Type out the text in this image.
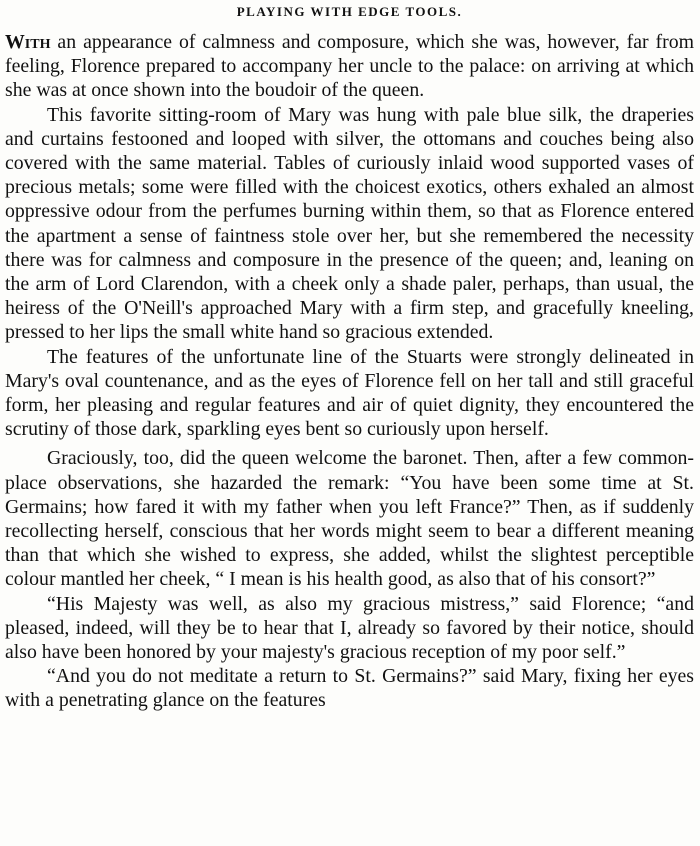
PLAYING WITH EDGE TOOLS.

With an appearance of calmness and composure, which she was, however, far from feeling, Florence prepared to accompany her uncle to the palace: on arriving at which she was at once shown into the boudoir of the queen.

This favorite sitting-room of Mary was hung with pale blue silk, the draperies and curtains festooned and looped with silver, the ottomans and couches being also covered with the same material. Tables of curiously inlaid wood supported vases of precious metals; some were filled with the choicest exotics, others exhaled an almost oppressive odour from the perfumes burning within them, so that as Florence entered the apartment a sense of faintness stole over her, but she remembered the necessity there was for calmness and composure in the presence of the queen; and, leaning on the arm of Lord Clarendon, with a cheek only a shade paler, perhaps, than usual, the heiress of the O'Neill's approached Mary with a firm step, and gracefully kneeling, pressed to her lips the small white hand so gracious extended.

The features of the unfortunate line of the Stuarts were strongly delineated in Mary's oval countenance, and as the eyes of Florence fell on her tall and still graceful form, her pleasing and regular features and air of quiet dignity, they encountered the scrutiny of those dark, sparkling eyes bent so curiously upon herself.

Graciously, too, did the queen welcome the baronet. Then, after a few common-place observations, she hazarded the remark: “You have been some time at St. Germains; how fared it with my father when you left France?” Then, as if suddenly recollecting herself, conscious that her words might seem to bear a different meaning than that which she wished to express, she added, whilst the slightest perceptible colour mantled her cheek, “ I mean is his health good, as also that of his consort?”

“His Majesty was well, as also my gracious mistress,” said Florence; “and pleased, indeed, will they be to hear that I, already so favored by their notice, should also have been honored by your majesty's gracious reception of my poor self.”

“And you do not meditate a return to St. Germains?” said Mary, fixing her eyes with a penetrating glance on the features
